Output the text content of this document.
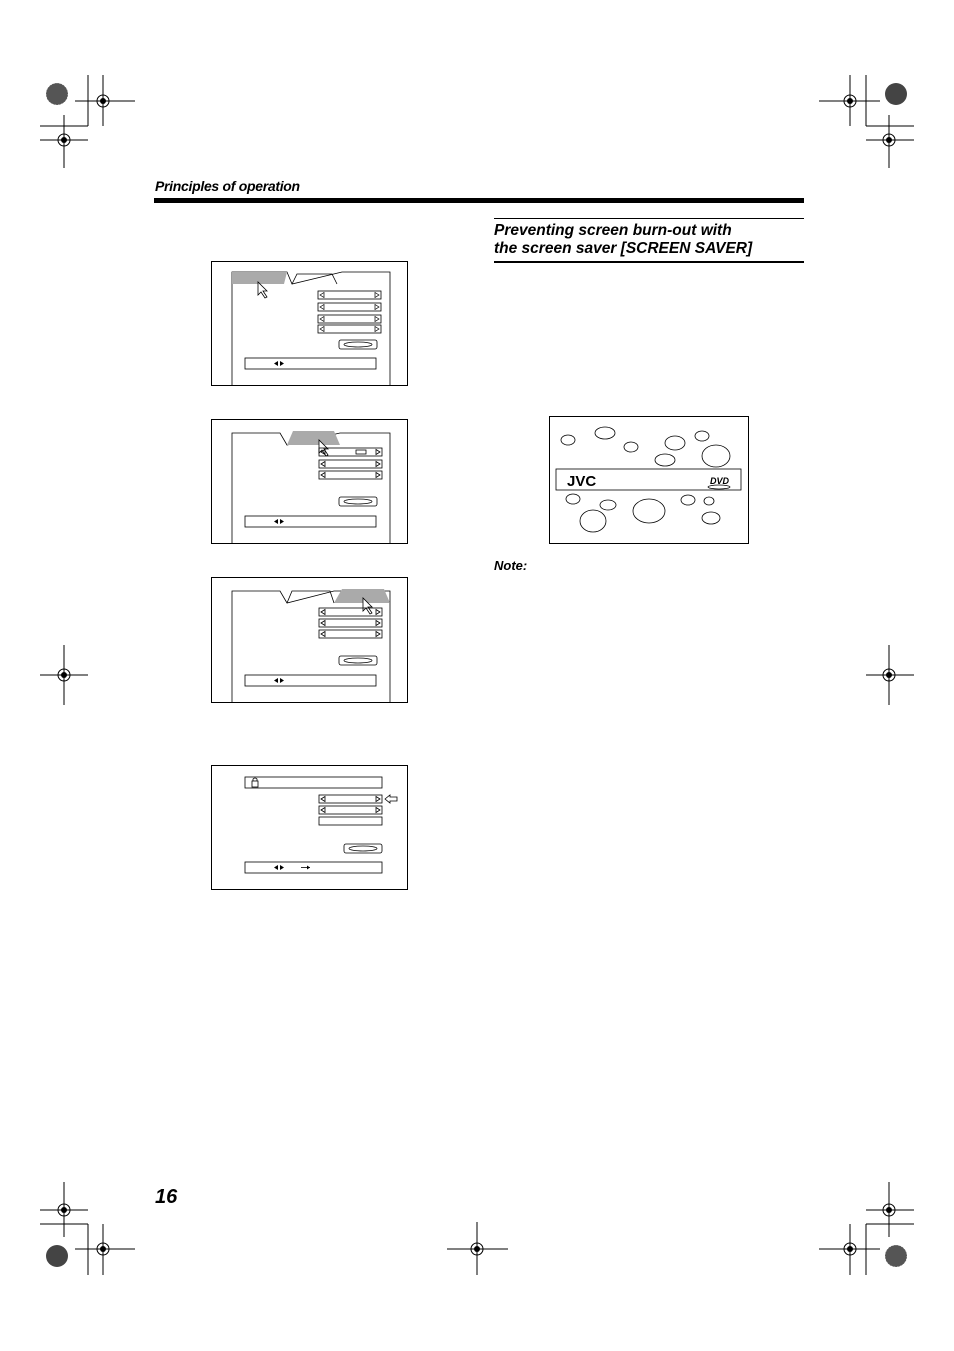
Principles of operation
Preventing screen burn-out with
the screen saver [SCREEN SAVER]
JVC	DVD
Note:
16
